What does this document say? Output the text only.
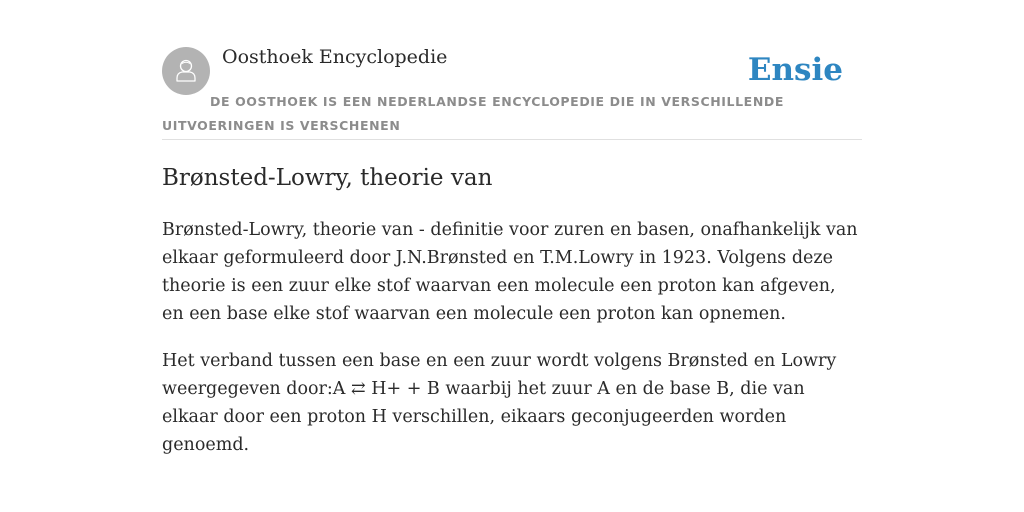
Oosthoek Encyclopedie	Ensie
DE OOSTHOEK IS EEN NEDERLANDSE ENCYCLOPEDIE DIE IN VERSCHILLENDE UITVOERINGEN IS VERSCHENEN
Brønsted-Lowry, theorie van

Brønsted-Lowry, theorie van - definitie voor zuren en basen, onafhankelijk van elkaar geformuleerd door J.N.Brønsted en T.M.Lowry in 1923. Volgens deze theorie is een zuur elke stof waarvan een molecule een proton kan afgeven, en een base elke stof waarvan een molecule een proton kan opnemen.

Het verband tussen een base en een zuur wordt volgens Brønsted en Lowry weergegeven door:A ⇄ H+ + B waarbij het zuur A en de base B, die van elkaar door een proton H verschillen, eikaars geconjugeerden worden genoemd.
